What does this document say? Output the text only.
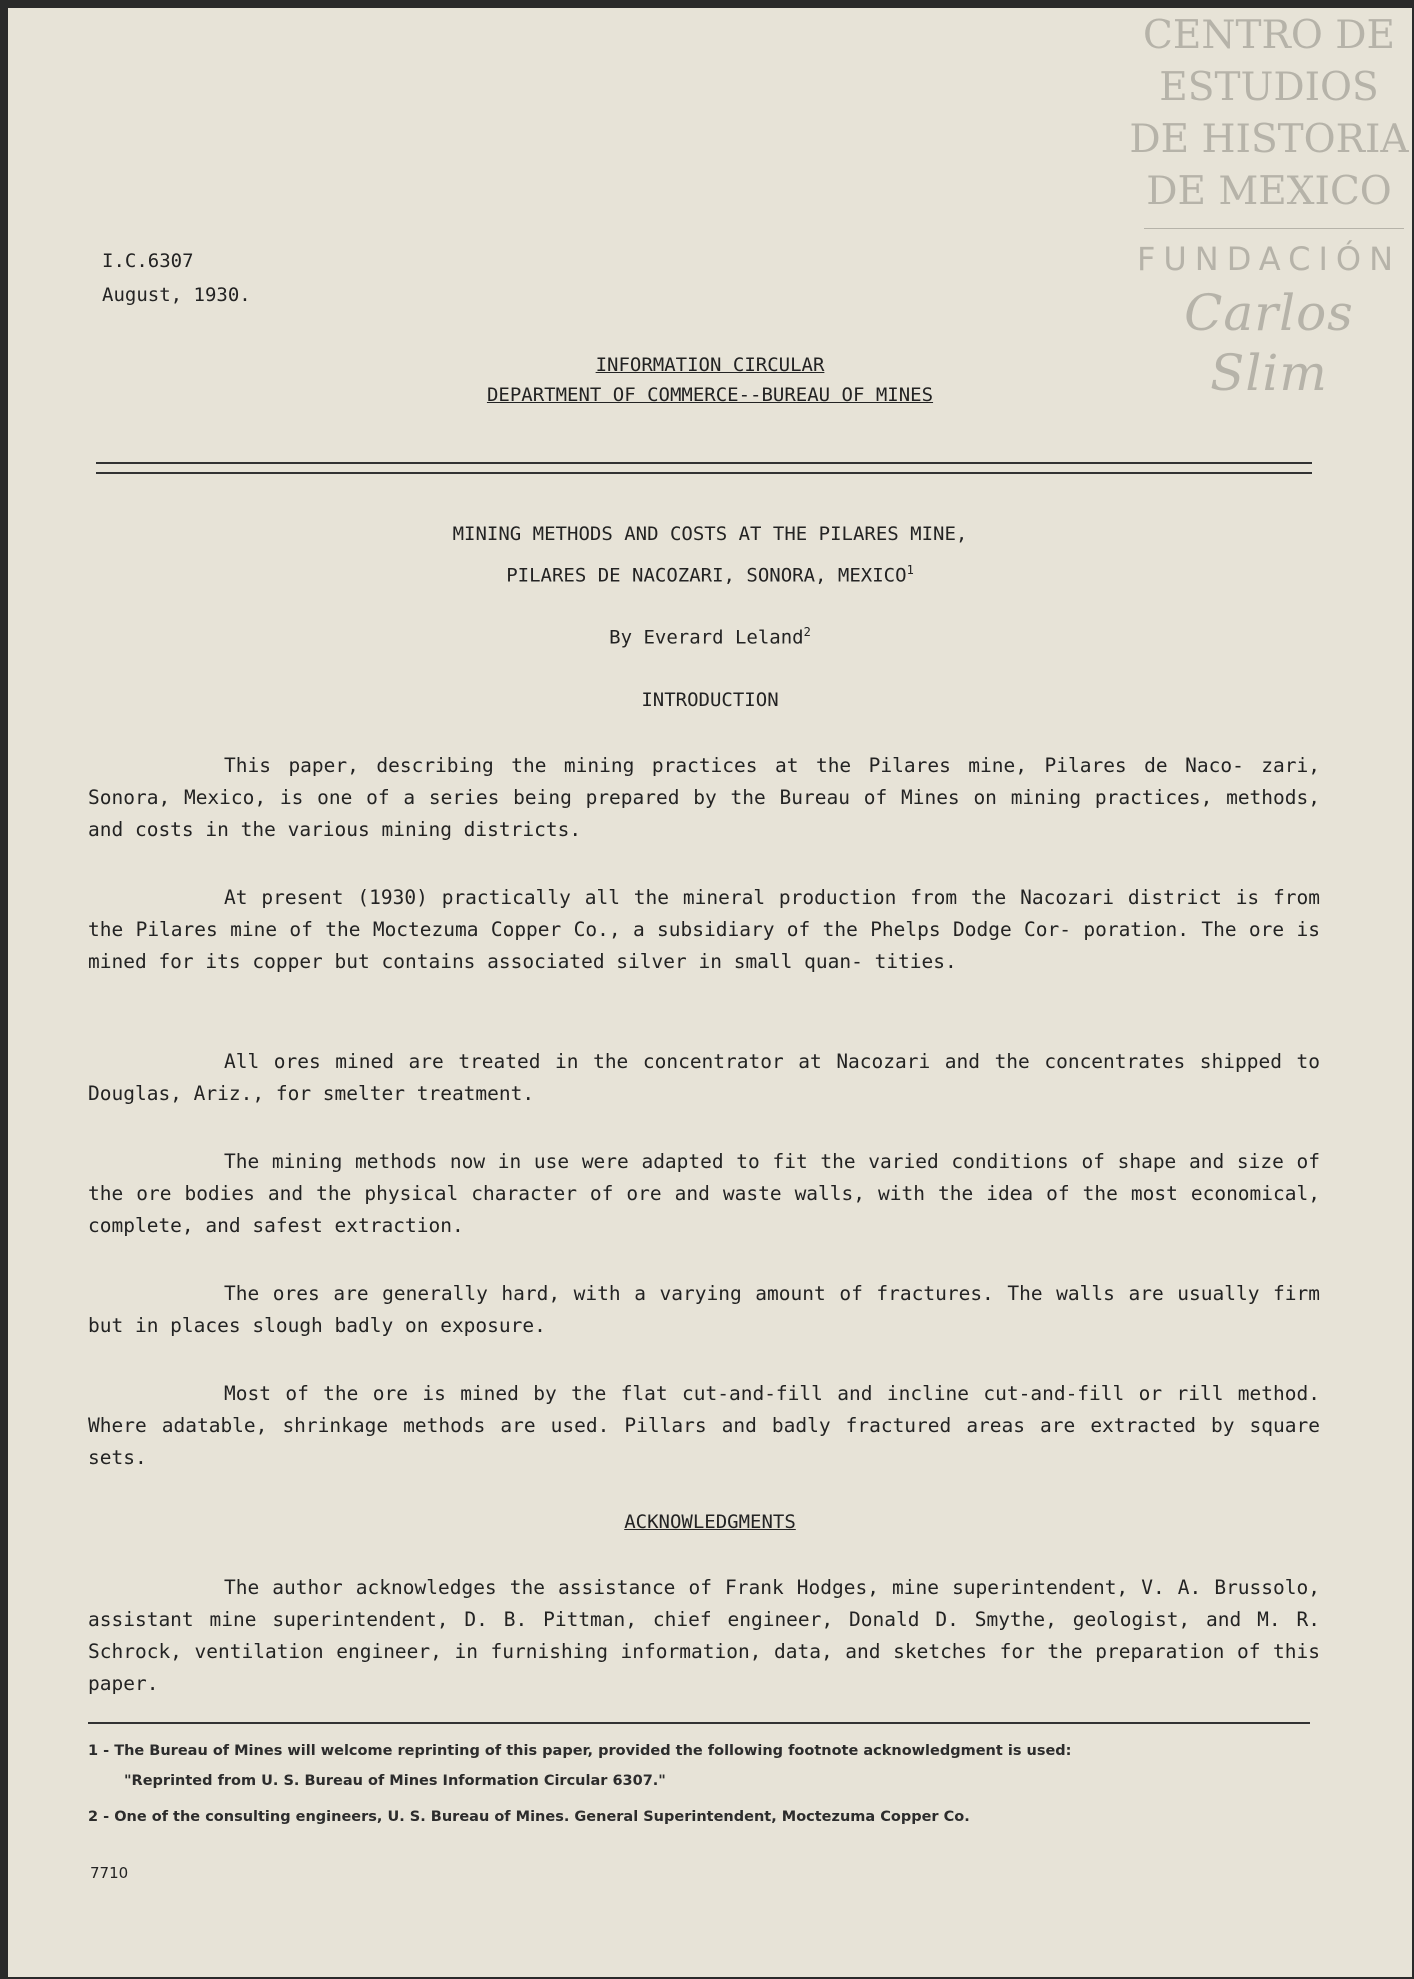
CENTRO DE
ESTUDIOS
DE HISTORIA
DE MEXICO
FUNDACIÓN
Carlos Slim
I.C.6307
August, 1930.
INFORMATION CIRCULAR
DEPARTMENT OF COMMERCE--BUREAU OF MINES
MINING METHODS AND COSTS AT THE PILARES MINE,
PILARES DE NACOZARI, SONORA, MEXICO$^1$
By Everard Leland$^2$
INTRODUCTION
This paper, describing the mining practices at the Pilares mine, Pilares de Naco- zari, Sonora, Mexico, is one of a series being prepared by the Bureau of Mines on mining practices, methods, and costs in the various mining districts.
At present (1930) practically all the mineral production from the Nacozari district is from the Pilares mine of the Moctezuma Copper Co., a subsidiary of the Phelps Dodge Cor- poration. The ore is mined for its copper but contains associated silver in small quan- tities.
All ores mined are treated in the concentrator at Nacozari and the concentrates shipped to Douglas, Ariz., for smelter treatment.
The mining methods now in use were adapted to fit the varied conditions of shape and size of the ore bodies and the physical character of ore and waste walls, with the idea of the most economical, complete, and safest extraction.
The ores are generally hard, with a varying amount of fractures. The walls are usually firm but in places slough badly on exposure.
Most of the ore is mined by the flat cut-and-fill and incline cut-and-fill or rill method. Where adatable, shrinkage methods are used. Pillars and badly fractured areas are extracted by square sets.
ACKNOWLEDGMENTS
The author acknowledges the assistance of Frank Hodges, mine superintendent, V. A. Brussolo, assistant mine superintendent, D. B. Pittman, chief engineer, Donald D. Smythe, geologist, and M. R. Schrock, ventilation engineer, in furnishing information, data, and sketches for the preparation of this paper.
1 - The Bureau of Mines will welcome reprinting of this paper, provided the following footnote acknowledgment is used:
"Reprinted from U. S. Bureau of Mines Information Circular 6307."
2 - One of the consulting engineers, U. S. Bureau of Mines. General Superintendent, Moctezuma Copper Co.
7710
